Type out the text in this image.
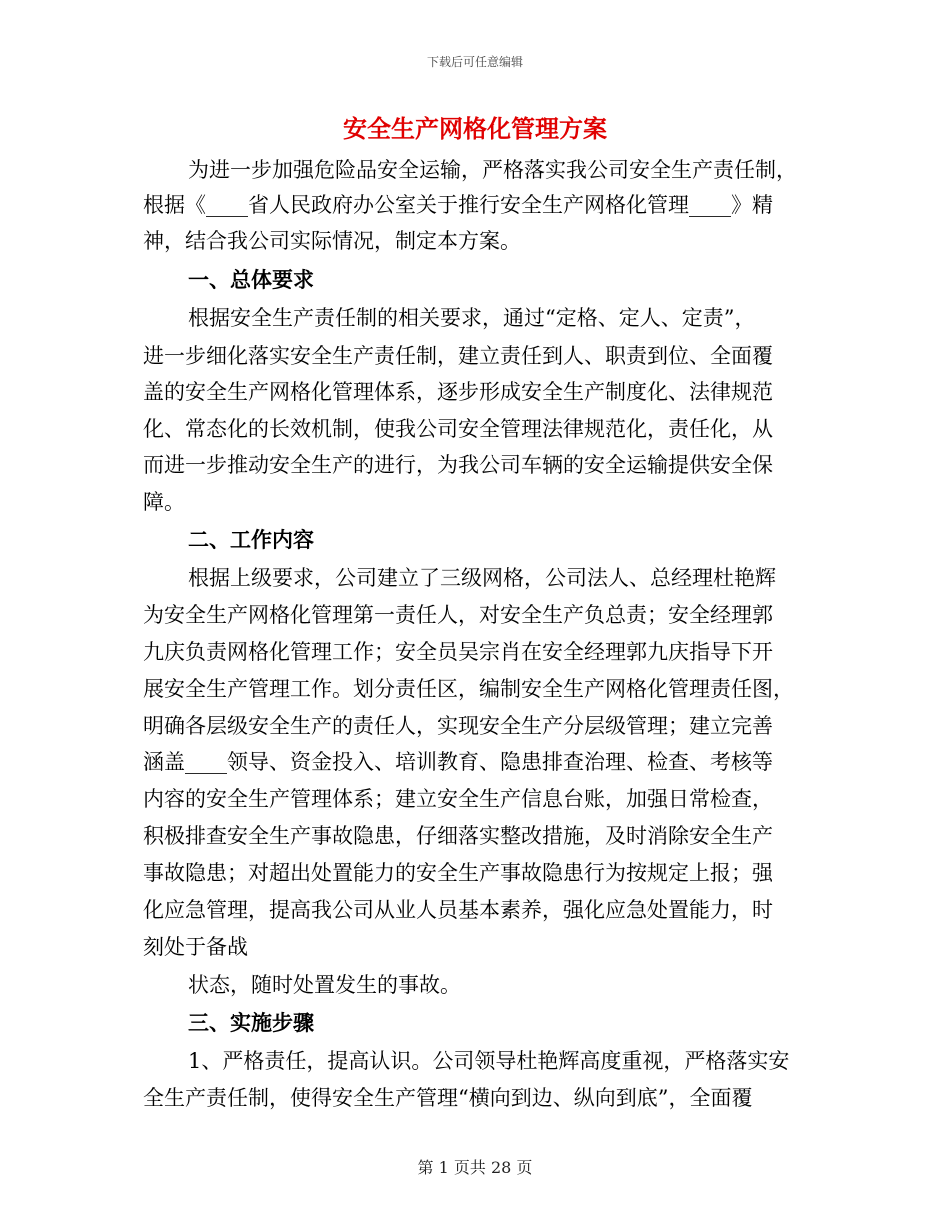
下载后可任意编辑
安全生产网格化管理方案
为进一步加强危险品安全运输，严格落实我公司安全生产责任制，
根据《____省人民政府办公室关于推行安全生产网格化管理____》精
神，结合我公司实际情况，制定本方案。
一、总体要求
根据安全生产责任制的相关要求，通过“定格、定人、定责”，
进一步细化落实安全生产责任制，建立责任到人、职责到位、全面覆
盖的安全生产网格化管理体系，逐步形成安全生产制度化、法律规范
化、常态化的长效机制，使我公司安全管理法律规范化，责任化，从
而进一步推动安全生产的进行，为我公司车辆的安全运输提供安全保
障。
二、工作内容
根据上级要求，公司建立了三级网格，公司法人、总经理杜艳辉
为安全生产网格化管理第一责任人，对安全生产负总责；安全经理郭
九庆负责网格化管理工作；安全员吴宗肖在安全经理郭九庆指导下开
展安全生产管理工作。划分责任区，编制安全生产网格化管理责任图，
明确各层级安全生产的责任人，实现安全生产分层级管理；建立完善
涵盖____领导、资金投入、培训教育、隐患排查治理、检查、考核等
内容的安全生产管理体系；建立安全生产信息台账，加强日常检查，
积极排查安全生产事故隐患，仔细落实整改措施，及时消除安全生产
事故隐患；对超出处置能力的安全生产事故隐患行为按规定上报；强
化应急管理，提高我公司从业人员基本素养，强化应急处置能力，时
刻处于备战
状态，随时处置发生的事故。
三、实施步骤
1、严格责任，提高认识。公司领导杜艳辉高度重视，严格落实安
全生产责任制，使得安全生产管理“横向到边、纵向到底”，全面覆
第 1 页共 28 页
